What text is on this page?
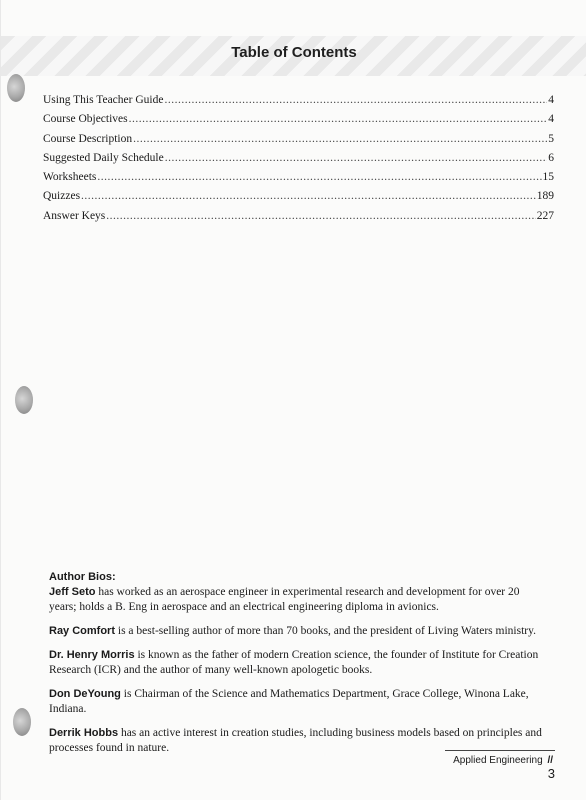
Table of Contents
Using This Teacher Guide .....	4
Course Objectives .....	4
Course Description .....	5
Suggested Daily Schedule .....	6
Worksheets .....	15
Quizzes .....	189
Answer Keys .....	227
Author Bios:

Jeff Seto has worked as an aerospace engineer in experimental research and development for over 20 years; holds a B. Eng in aerospace and an electrical engineering diploma in avionics.

Ray Comfort is a best-selling author of more than 70 books, and the president of Living Waters ministry.

Dr. Henry Morris is known as the father of modern Creation science, the founder of Institute for Creation Research (ICR) and the author of many well-known apologetic books.

Don DeYoung is Chairman of the Science and Mathematics Department, Grace College, Winona Lake, Indiana.

Derrik Hobbs has an active interest in creation studies, including business models based on principles and processes found in nature.

Applied Engineering // 3
